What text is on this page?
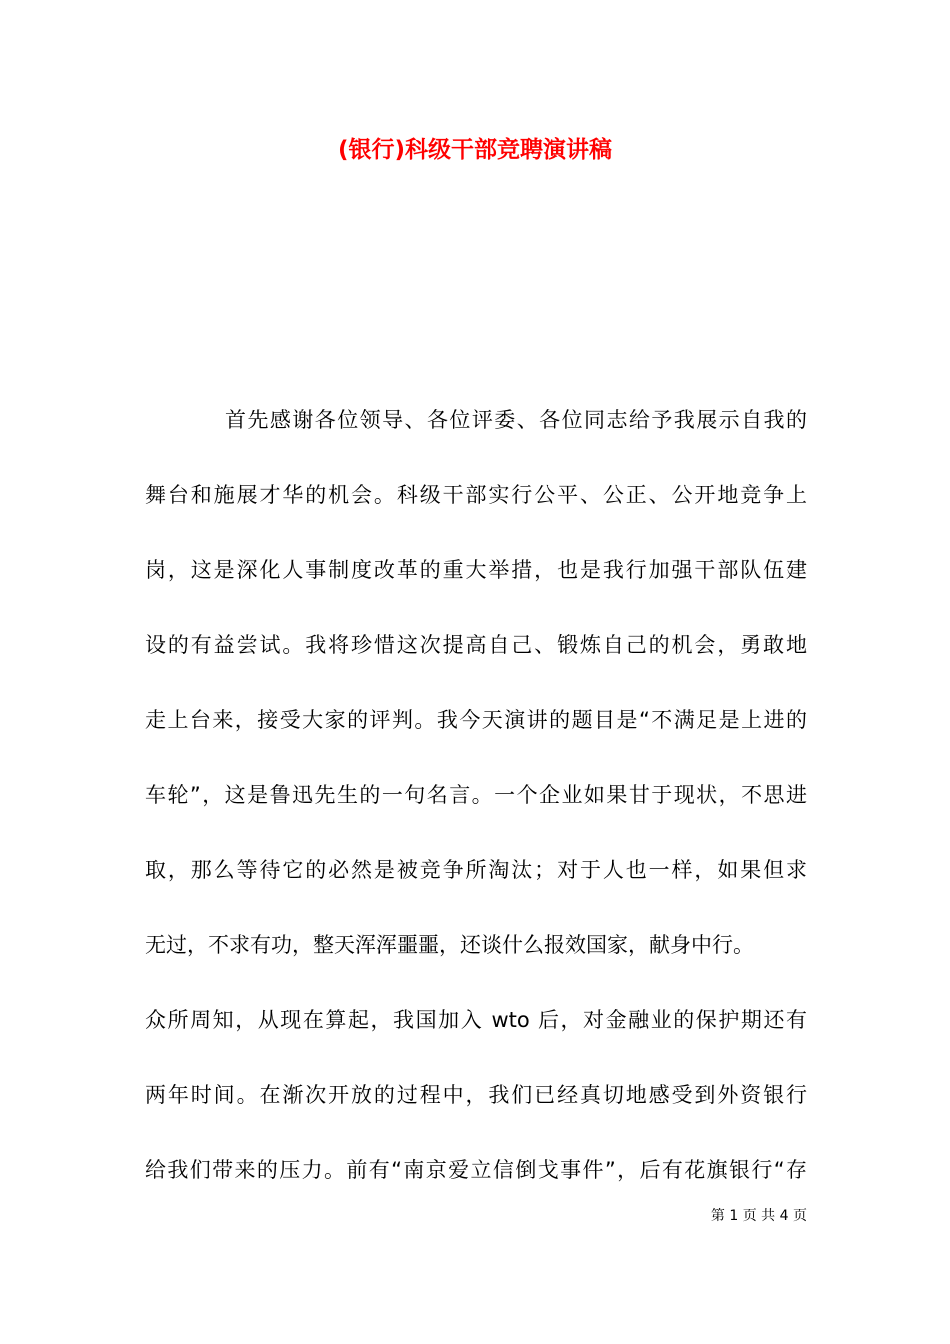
(银行)科级干部竞聘演讲稿
首先感谢各位领导、各位评委、各位同志给予我展示自我的
舞台和施展才华的机会。科级干部实行公平、公正、公开地竞争上
岗，这是深化人事制度改革的重大举措，也是我行加强干部队伍建
设的有益尝试。我将珍惜这次提高自己、锻炼自己的机会，勇敢地
走上台来，接受大家的评判。我今天演讲的题目是“不满足是上进的
车轮”，这是鲁迅先生的一句名言。一个企业如果甘于现状，不思进
取，那么等待它的必然是被竞争所淘汰；对于人也一样，如果但求
无过，不求有功，整天浑浑噩噩，还谈什么报效国家，献身中行。
众所周知，从现在算起，我国加入 wto 后，对金融业的保护期还有
两年时间。在渐次开放的过程中，我们已经真切地感受到外资银行
给我们带来的压力。前有“南京爱立信倒戈事件”，后有花旗银行“存
第 1 页 共 4 页
